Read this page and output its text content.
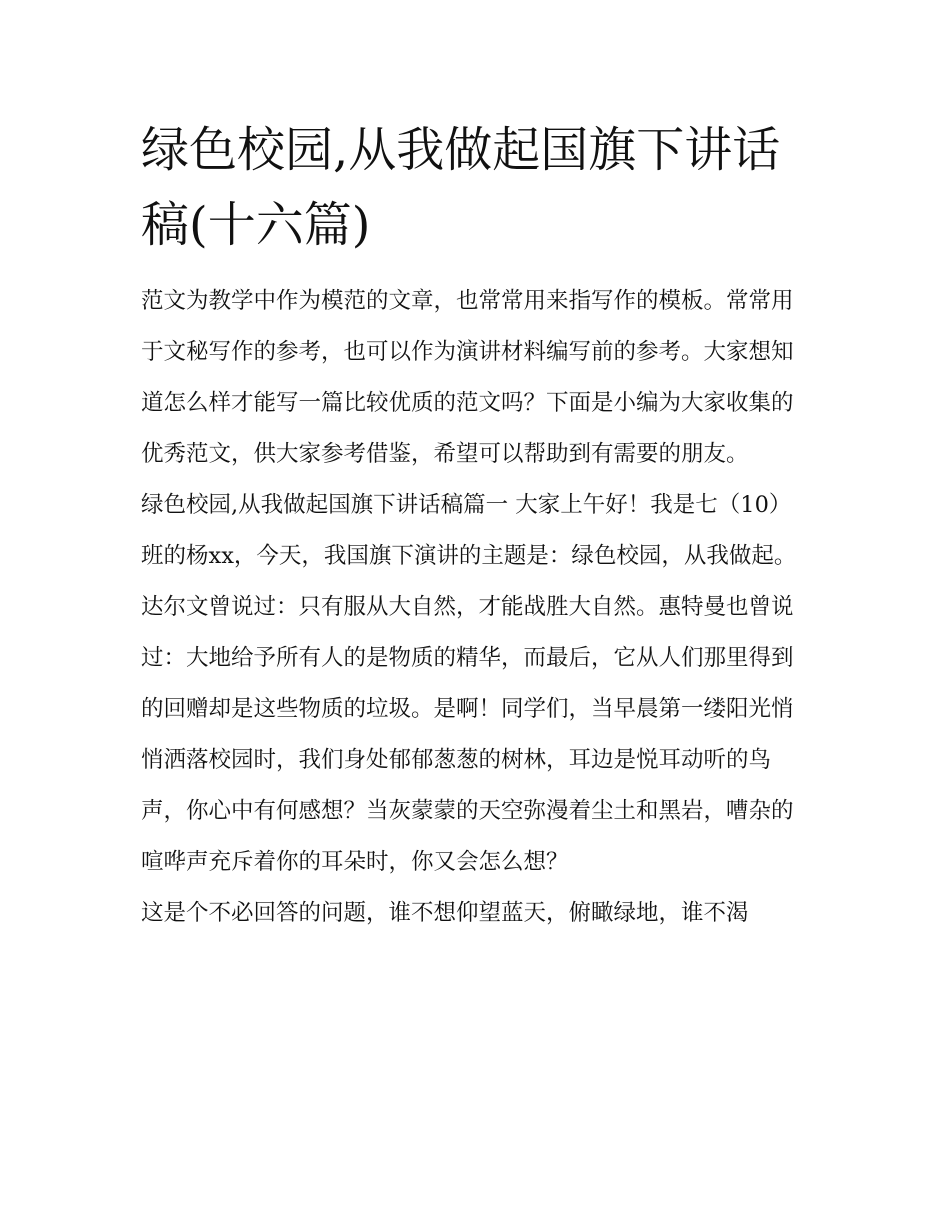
绿色校园,从我做起国旗下讲话稿(十六篇)

范文为教学中作为模范的文章，也常常用来指写作的模板。常常用于文秘写作的参考，也可以作为演讲材料编写前的参考。大家想知道怎么样才能写一篇比较优质的范文吗？下面是小编为大家收集的优秀范文，供大家参考借鉴，希望可以帮助到有需要的朋友。

绿色校园,从我做起国旗下讲话稿篇一 大家上午好！我是七（10）班的杨xx，今天，我国旗下演讲的主题是：绿色校园，从我做起。

达尔文曾说过：只有服从大自然，才能战胜大自然。惠特曼也曾说过：大地给予所有人的是物质的精华，而最后，它从人们那里得到的回赠却是这些物质的垃圾。是啊！同学们，当早晨第一缕阳光悄悄洒落校园时，我们身处郁郁葱葱的树林，耳边是悦耳动听的鸟声，你心中有何感想？当灰蒙蒙的天空弥漫着尘土和黑岩，嘈杂的喧哗声充斥着你的耳朵时，你又会怎么想？

这是个不必回答的问题，谁不想仰望蓝天，俯瞰绿地，谁不渴
